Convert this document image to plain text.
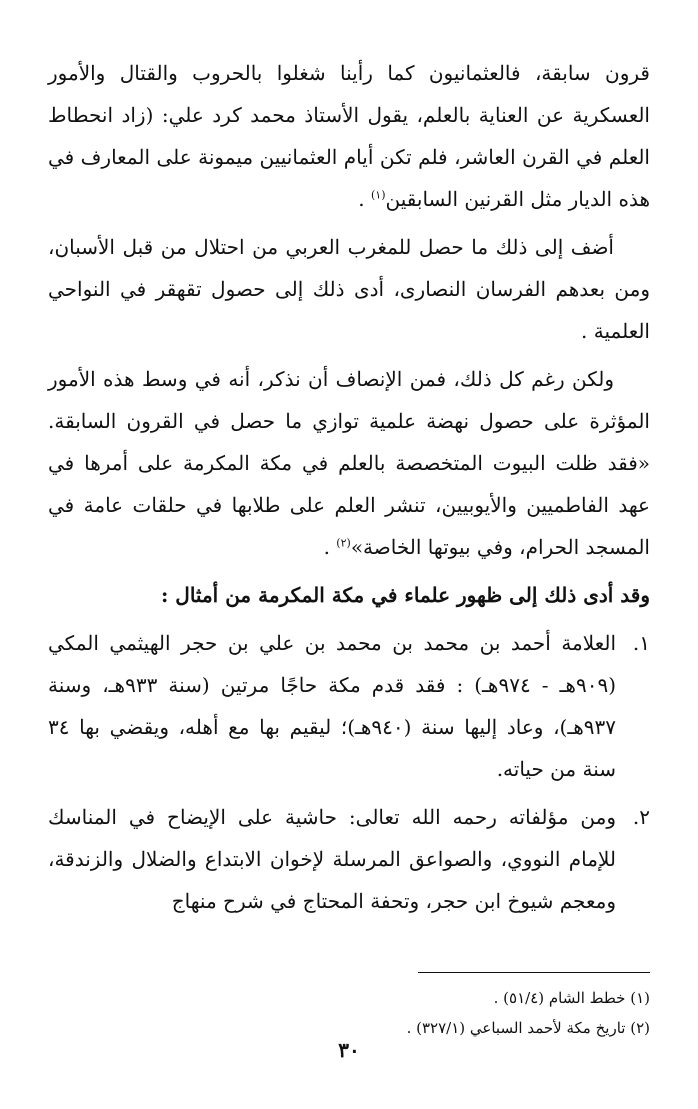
قرون سابقة، فالعثمانيون كما رأينا شغلوا بالحروب والقتال والأمور العسكرية عن العناية بالعلم، يقول الأستاذ محمد كرد علي: (زاد انحطاط العلم في القرن العاشر، فلم تكن أيام العثمانيين ميمونة على المعارف في هذه الديار مثل القرنين السابقين$^{(١)}$ .

أضف إلى ذلك ما حصل للمغرب العربي من احتلال من قبل الأسبان، ومن بعدهم الفرسان النصارى، أدى ذلك إلى حصول تقهقر في النواحي العلمية .

ولكن رغم كل ذلك، فمن الإنصاف أن نذكر، أنه في وسط هذه الأمور المؤثرة على حصول نهضة علمية توازي ما حصل في القرون السابقة. «فقد ظلت البيوت المتخصصة بالعلم في مكة المكرمة على أمرها في عهد الفاطميين والأيوبيين، تنشر العلم على طلابها في حلقات عامة في المسجد الحرام، وفي بيوتها الخاصة»$^{(٢)}$ .

وقد أدى ذلك إلى ظهور علماء في مكة المكرمة من أمثال :

١.
العلامة أحمد بن محمد بن محمد بن علي بن حجر الهيثمي المكي (٩٠٩هـ - ٩٧٤هـ) : فقد قدم مكة حاجًا مرتين (سنة ٩٣٣هـ، وسنة ٩٣٧هـ)، وعاد إليها سنة (٩٤٠هـ)؛ ليقيم بها مع أهله، ويقضي بها ٣٤ سنة من حياته.
٢.
ومن مؤلفاته رحمه الله تعالى: حاشية على الإيضاح في المناسك للإمام النووي، والصواعق المرسلة لإخوان الابتداع والضلال والزندقة، ومعجم شيوخ ابن حجر، وتحفة المحتاج في شرح منهاج
(١) خطط الشام (٥١/٤) .
(٢) تاريخ مكة لأحمد السباعي (٣٢٧/١) .
٣٠
